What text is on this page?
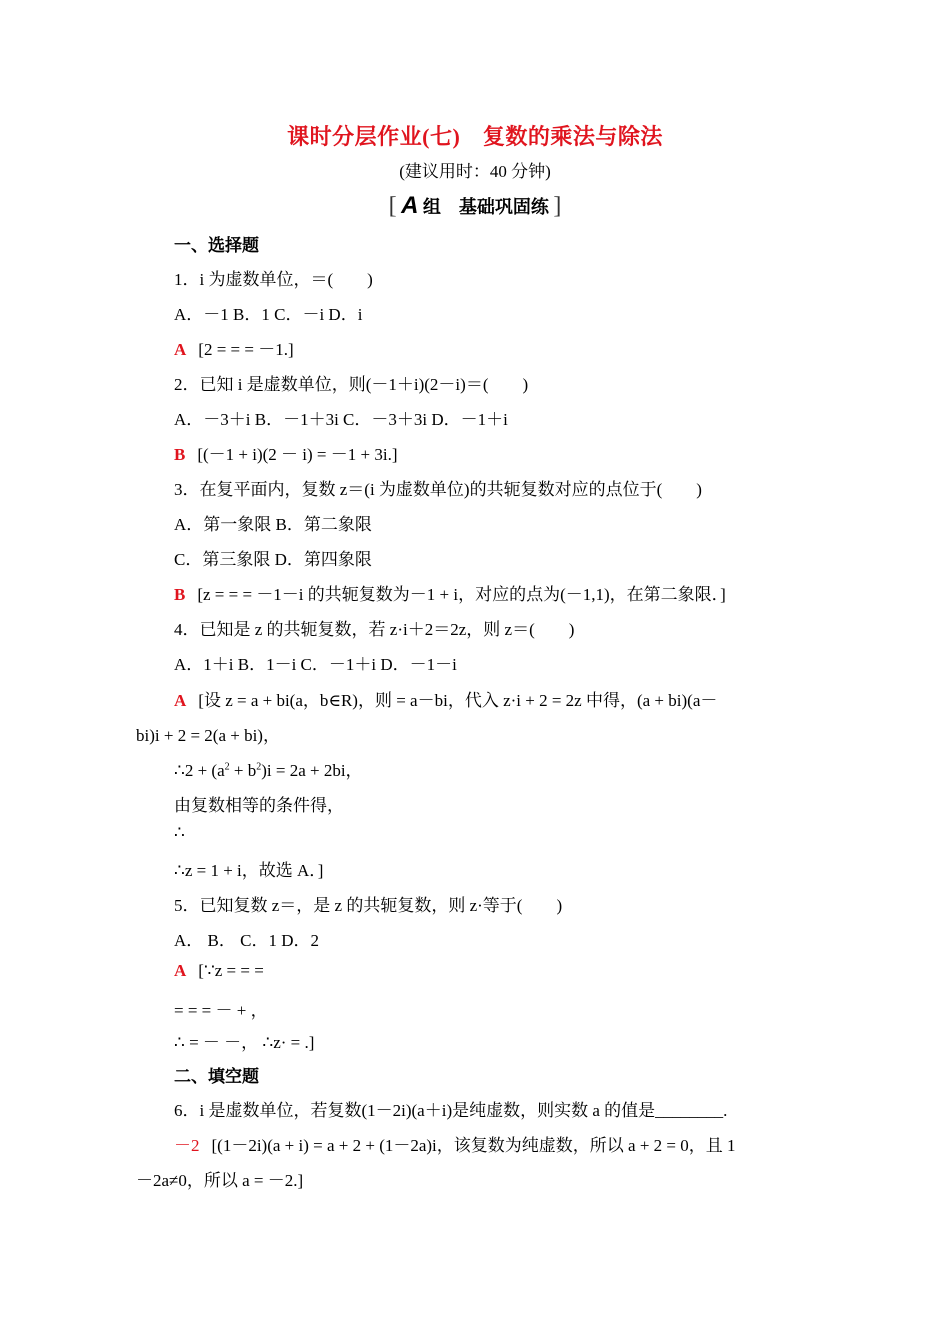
课时分层作业(七)　复数的乘法与除法
(建议用时：40 分钟)
[ A 组　基础巩固练 ]
一、选择题
1．i 为虚数单位，＝(　　)
A．－1 B．1 C．－i D．i
A [2 = = = －1.]
2．已知 i 是虚数单位，则(－1＋i)(2－i)＝(　　)
A．－3＋i B．－1＋3i C．－3＋3i D．－1＋i
B [(－1 + i)(2 － i) = －1 + 3i.]
3．在复平面内，复数 z＝(i 为虚数单位)的共轭复数对应的点位于(　　)
A．第一象限 B．第二象限
C．第三象限 D．第四象限
B [z = = = －1－i 的共轭复数为－1 + i，对应的点为(－1,1)，在第二象限．]
4．已知是 z 的共轭复数，若 z·i＋2＝2z，则 z＝(　　)
A．1＋i B．1－i C．－1＋i D．－1－i
A [设 z = a + bi(a，b∈R)，则 = a－bi，代入 z·i + 2 = 2z 中得，(a + bi)(a－
bi)i + 2 = 2(a + bi)，
∴2 + $(a^2 + b^2)i = 2a + 2bi$，
由复数相等的条件得，
∴
∴z = 1 + i，故选 A．]
5．已知复数 z＝，是 z 的共轭复数，则 z·等于(　　)
A． B． C．1 D．2
A [∵z = = =
= = = － + ，
∴ = － －， ∴z· = .]
二、填空题
6．i 是虚数单位，若复数(1－2i)(a＋i)是纯虚数，则实数 a 的值是________.
－2 [(1－2i)(a + i) = a + 2 + (1－2a)i，该复数为纯虚数，所以 a + 2 = 0，且 1
－2a≠0，所以 a = －2.]
